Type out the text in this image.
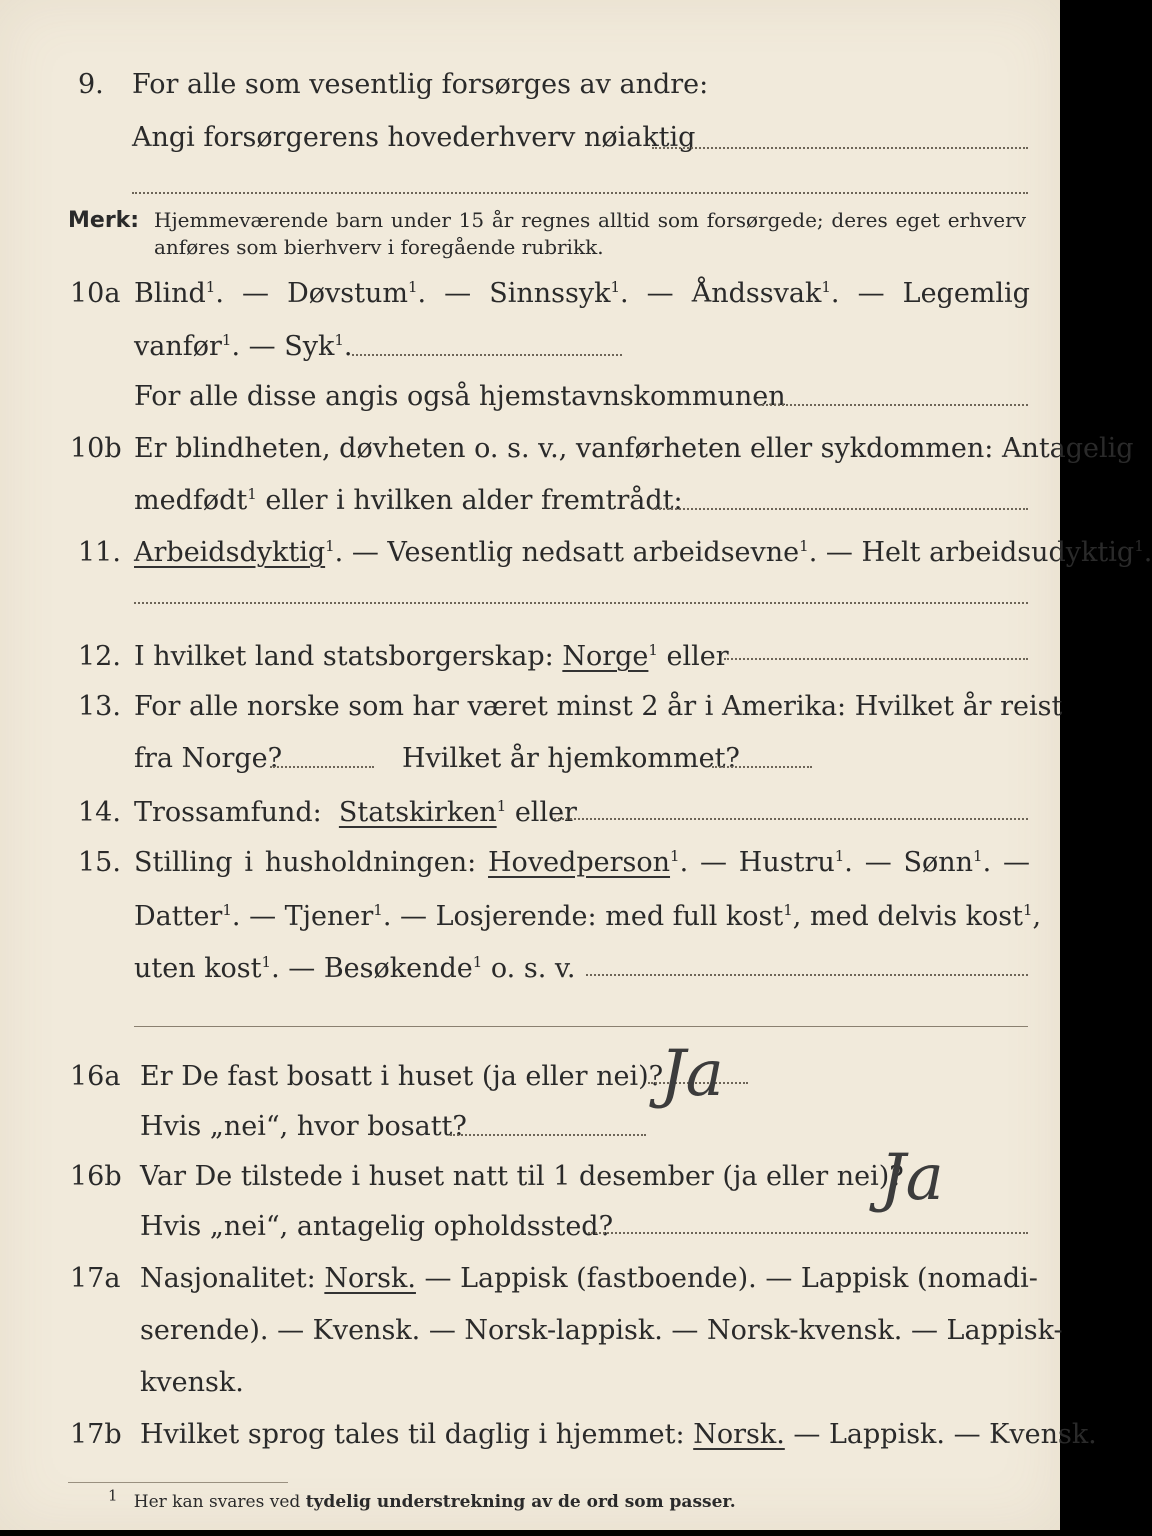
9. For alle som vesentlig forsørges av andre:
Angi forsørgerens hovederhverv nøiaktig
Merk: Hjemmeværende barn under 15 år regnes alltid som forsørgede; deres eget erhverv
anføres som bierhverv i foregående rubrikk.
10a Blind$^1$. — Døvstum$^1$. — Sinnssyk$^1$. — Åndssvak$^1$. — Legemlig
vanfør$^1$. — Syk$^1$.
For alle disse angis også hjemstavnskommunen
10b Er blindheten, døvheten o. s. v., vanførheten eller sykdommen: Antagelig
medfødt$^1$ eller i hvilken alder fremtrådt:
11. Arbeidsdyktig$^1$. — Vesentlig nedsatt arbeidsevne$^1$. — Helt arbeidsudyktig$^1$.
12. I hvilket land statsborgerskap: Norge$^1$ eller
13. For alle norske som har været minst 2 år i Amerika: Hvilket år reist
fra Norge?	Hvilket år hjemkommet?
14. Trossamfund: Statskirken$^1$ eller
15. Stilling i husholdningen: Hovedperson$^1$. — Hustru$^1$. — Sønn$^1$. —
Datter$^1$. — Tjener$^1$. — Losjerende: med full kost$^1$, med delvis kost$^1$,
uten kost$^1$. — Besøkende$^1$ o. s. v.
16a Er De fast bosatt i huset (ja eller nei)?
Ja
Hvis „nei“, hvor bosatt?
16b Var De tilstede i huset natt til 1 desember (ja eller nei)?
Ja
Hvis „nei“, antagelig opholdssted?
17a Nasjonalitet: Norsk. — Lappisk (fastboende). — Lappisk (nomadi-
serende). — Kvensk. — Norsk-lappisk. — Norsk-kvensk. — Lappisk-
kvensk.
17b Hvilket sprog tales til daglig i hjemmet: Norsk. — Lappisk. — Kvensk.
$^1$ Her kan svares ved tydelig understrekning av de ord som passer.
